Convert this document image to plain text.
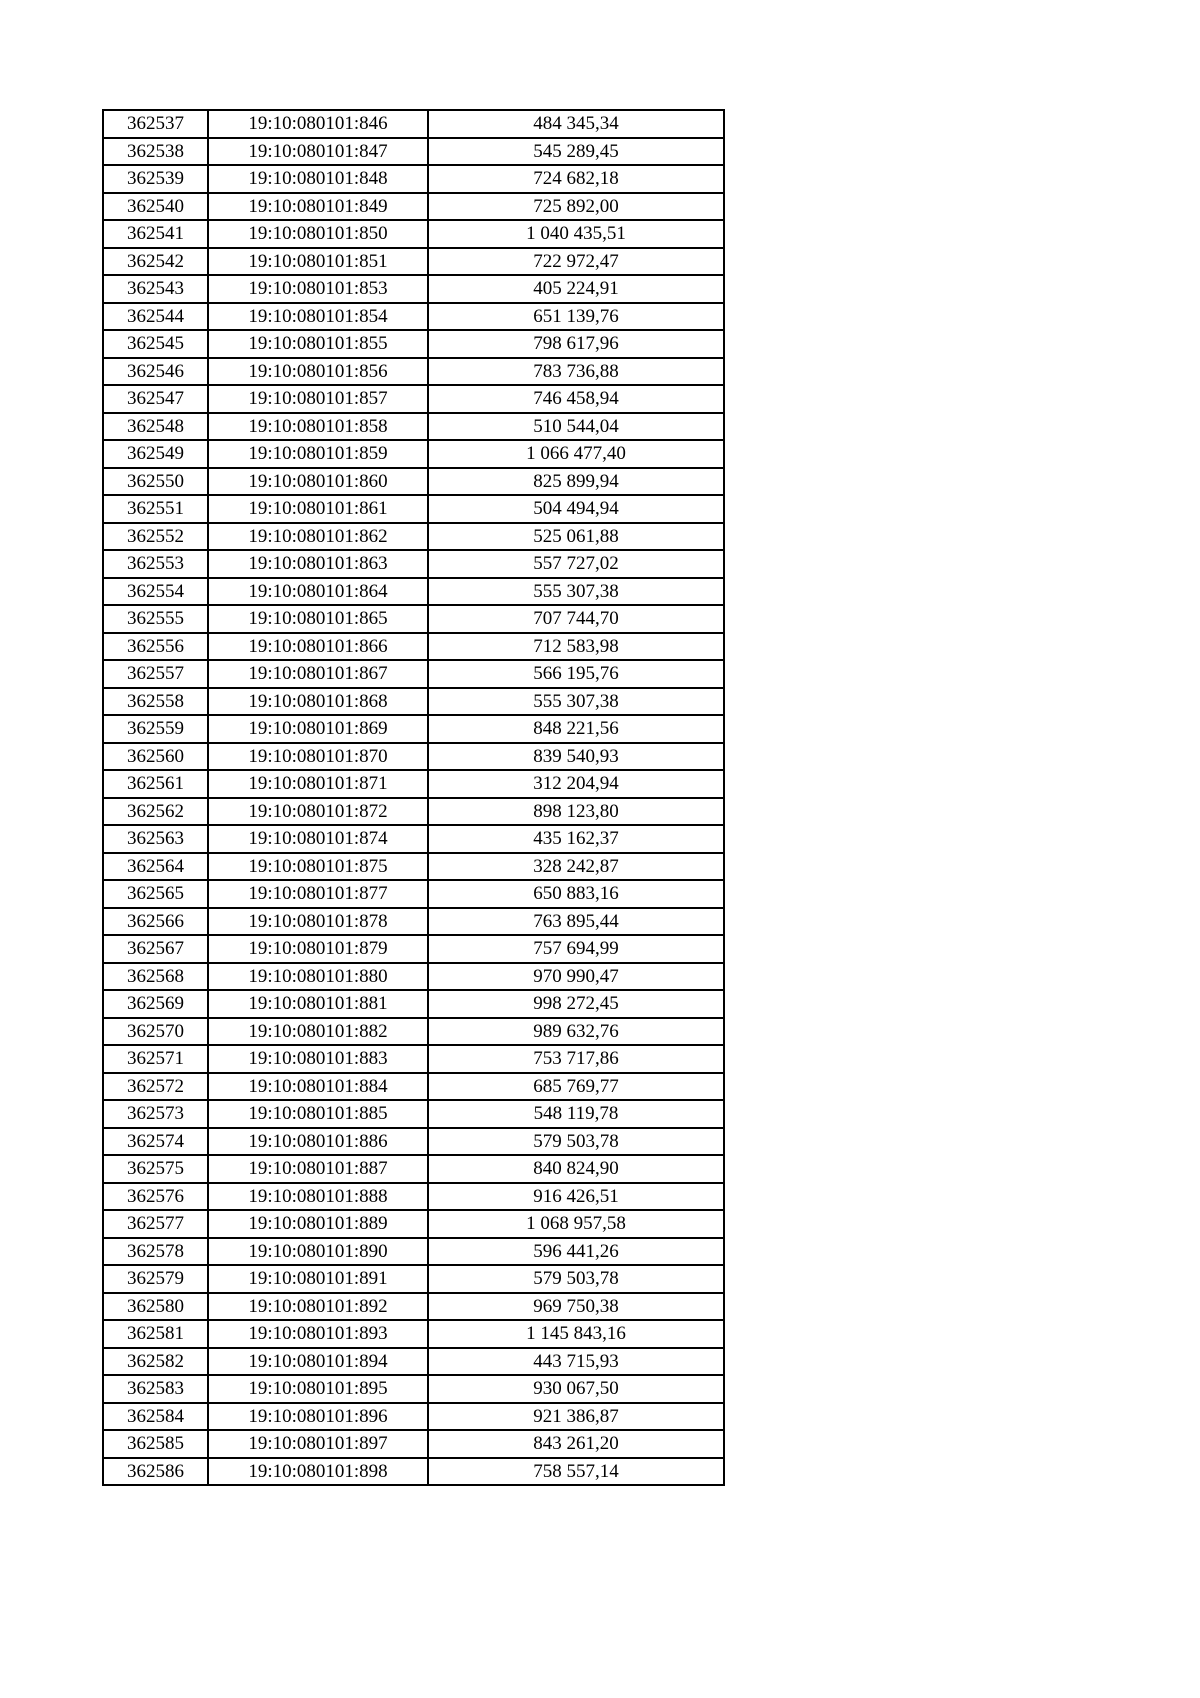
362537	19:10:080101:846	484 345,34
362538	19:10:080101:847	545 289,45
362539	19:10:080101:848	724 682,18
362540	19:10:080101:849	725 892,00
362541	19:10:080101:850	1 040 435,51
362542	19:10:080101:851	722 972,47
362543	19:10:080101:853	405 224,91
362544	19:10:080101:854	651 139,76
362545	19:10:080101:855	798 617,96
362546	19:10:080101:856	783 736,88
362547	19:10:080101:857	746 458,94
362548	19:10:080101:858	510 544,04
362549	19:10:080101:859	1 066 477,40
362550	19:10:080101:860	825 899,94
362551	19:10:080101:861	504 494,94
362552	19:10:080101:862	525 061,88
362553	19:10:080101:863	557 727,02
362554	19:10:080101:864	555 307,38
362555	19:10:080101:865	707 744,70
362556	19:10:080101:866	712 583,98
362557	19:10:080101:867	566 195,76
362558	19:10:080101:868	555 307,38
362559	19:10:080101:869	848 221,56
362560	19:10:080101:870	839 540,93
362561	19:10:080101:871	312 204,94
362562	19:10:080101:872	898 123,80
362563	19:10:080101:874	435 162,37
362564	19:10:080101:875	328 242,87
362565	19:10:080101:877	650 883,16
362566	19:10:080101:878	763 895,44
362567	19:10:080101:879	757 694,99
362568	19:10:080101:880	970 990,47
362569	19:10:080101:881	998 272,45
362570	19:10:080101:882	989 632,76
362571	19:10:080101:883	753 717,86
362572	19:10:080101:884	685 769,77
362573	19:10:080101:885	548 119,78
362574	19:10:080101:886	579 503,78
362575	19:10:080101:887	840 824,90
362576	19:10:080101:888	916 426,51
362577	19:10:080101:889	1 068 957,58
362578	19:10:080101:890	596 441,26
362579	19:10:080101:891	579 503,78
362580	19:10:080101:892	969 750,38
362581	19:10:080101:893	1 145 843,16
362582	19:10:080101:894	443 715,93
362583	19:10:080101:895	930 067,50
362584	19:10:080101:896	921 386,87
362585	19:10:080101:897	843 261,20
362586	19:10:080101:898	758 557,14
